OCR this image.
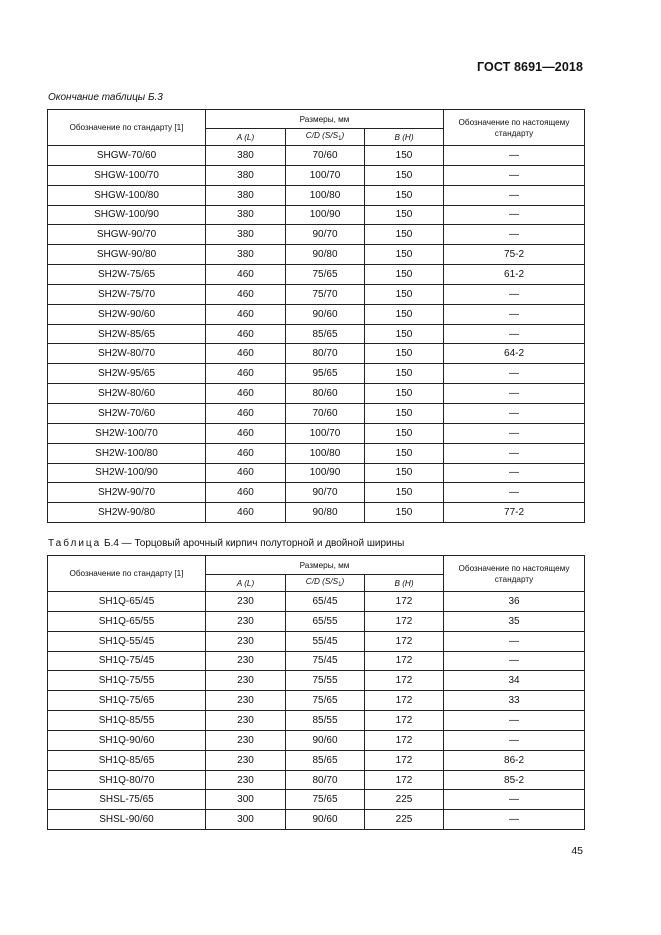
ГОСТ 8691—2018
Окончание таблицы Б.3
Обозначение по стандарту [1]	Размеры, мм			Обозначение по настоящему стандарту
	A (L)	C/D $(S/S_1)$	B (H)	
SHGW-70/60	380	70/60	150	—
SHGW-100/70	380	100/70	150	—
SHGW-100/80	380	100/80	150	—
SHGW-100/90	380	100/90	150	—
SHGW-90/70	380	90/70	150	—
SHGW-90/80	380	90/80	150	75-2
SH2W-75/65	460	75/65	150	61-2
SH2W-75/70	460	75/70	150	—
SH2W-90/60	460	90/60	150	—
SH2W-85/65	460	85/65	150	—
SH2W-80/70	460	80/70	150	64-2
SH2W-95/65	460	95/65	150	—
SH2W-80/60	460	80/60	150	—
SH2W-70/60	460	70/60	150	—
SH2W-100/70	460	100/70	150	—
SH2W-100/80	460	100/80	150	—
SH2W-100/90	460	100/90	150	—
SH2W-90/70	460	90/70	150	—
SH2W-90/80	460	90/80	150	77-2
Таблица Б.4 — Торцовый арочный кирпич полуторной и двойной ширины
Обозначение по стандарту [1]	Размеры, мм			Обозначение по настоящему стандарту
	A (L)	C/D $(S/S_1)$	B (H)	
SH1Q-65/45	230	65/45	172	36
SH1Q-65/55	230	65/55	172	35
SH1Q-55/45	230	55/45	172	—
SH1Q-75/45	230	75/45	172	—
SH1Q-75/55	230	75/55	172	34
SH1Q-75/65	230	75/65	172	33
SH1Q-85/55	230	85/55	172	—
SH1Q-90/60	230	90/60	172	—
SH1Q-85/65	230	85/65	172	86-2
SH1Q-80/70	230	80/70	172	85-2
SHSL-75/65	300	75/65	225	—
SHSL-90/60	300	90/60	225	—
45
